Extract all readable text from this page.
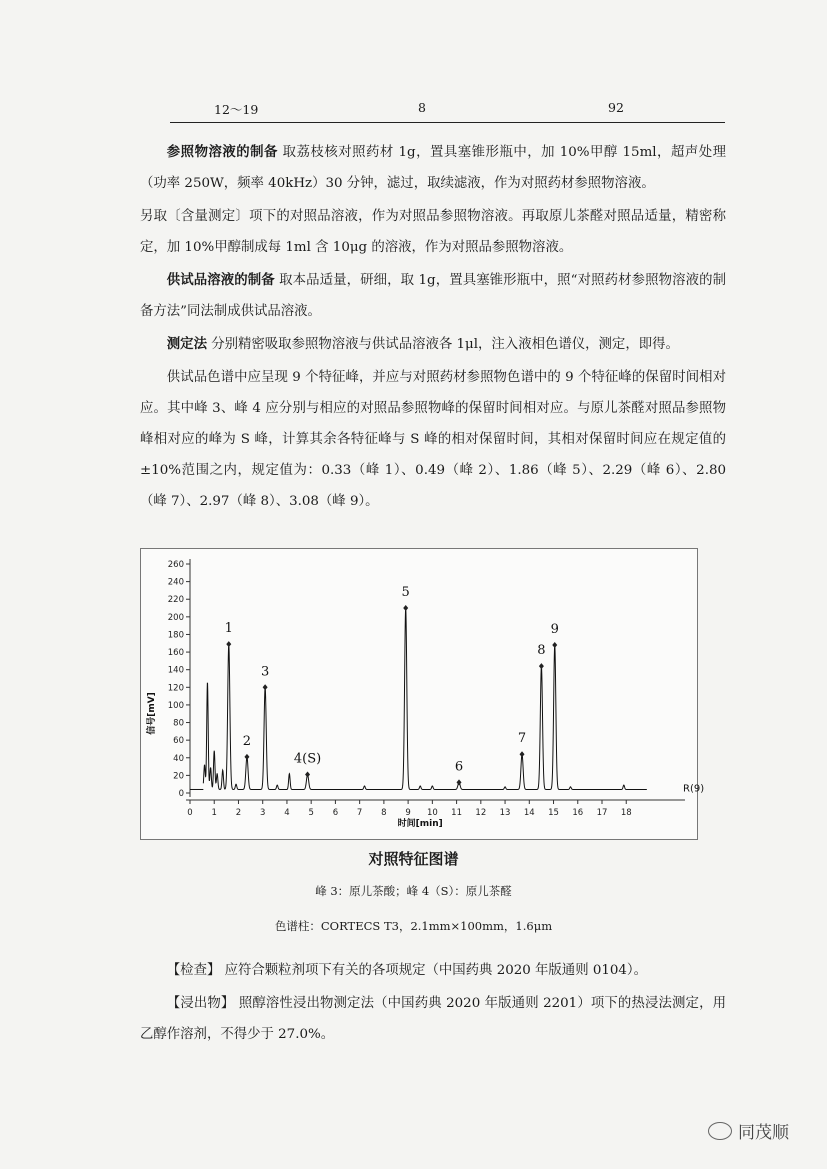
12～19	8	92

参照物溶液的制备 取荔枝核对照药材 1g，置具塞锥形瓶中，加 10%甲醇 15ml，超声处理（功率 250W，频率 40kHz）30 分钟，滤过，取续滤液，作为对照药材参照物溶液。

另取〔含量测定〕项下的对照品溶液，作为对照品参照物溶液。再取原儿茶醛对照品适量，精密称定，加 10%甲醇制成每 1ml 含 10μg 的溶液，作为对照品参照物溶液。

供试品溶液的制备 取本品适量，研细，取 1g，置具塞锥形瓶中，照“对照药材参照物溶液的制备方法”同法制成供试品溶液。

测定法 分别精密吸取参照物溶液与供试品溶液各 1μl，注入液相色谱仪，测定，即得。

供试品色谱中应呈现 9 个特征峰，并应与对照药材参照物色谱中的 9 个特征峰的保留时间相对应。其中峰 3、峰 4 应分别与相应的对照品参照物峰的保留时间相对应。与原儿茶醛对照品参照物峰相对应的峰为 S 峰，计算其余各特征峰与 S 峰的相对保留时间，其相对保留时间应在规定值的±10%范围之内，规定值为：0.33（峰 1）、0.49（峰 2）、1.86（峰 5）、2.29（峰 6）、2.80（峰 7）、2.97（峰 8）、3.08（峰 9）。

0
20
40
60
80
100
120
140
160
180
200
220
240
260
0 1 2 3 4 5 6 7 8 9 10 11 12 13 14 15 16 17 18
时间[min]
信号[mV]
1
2
3
4(S)
5
6
7
8
9
R(9)
对照特征图谱
峰 3：原儿茶酸；峰 4（S）：原儿茶醛
色谱柱：CORTECS T3，2.1mm×100mm，1.6μm

【检查】 应符合颗粒剂项下有关的各项规定（中国药典 2020 年版通则 0104）。

【浸出物】 照醇溶性浸出物测定法（中国药典 2020 年版通则 2201）项下的热浸法测定，用乙醇作溶剂，不得少于 27.0%。

同茂顺
